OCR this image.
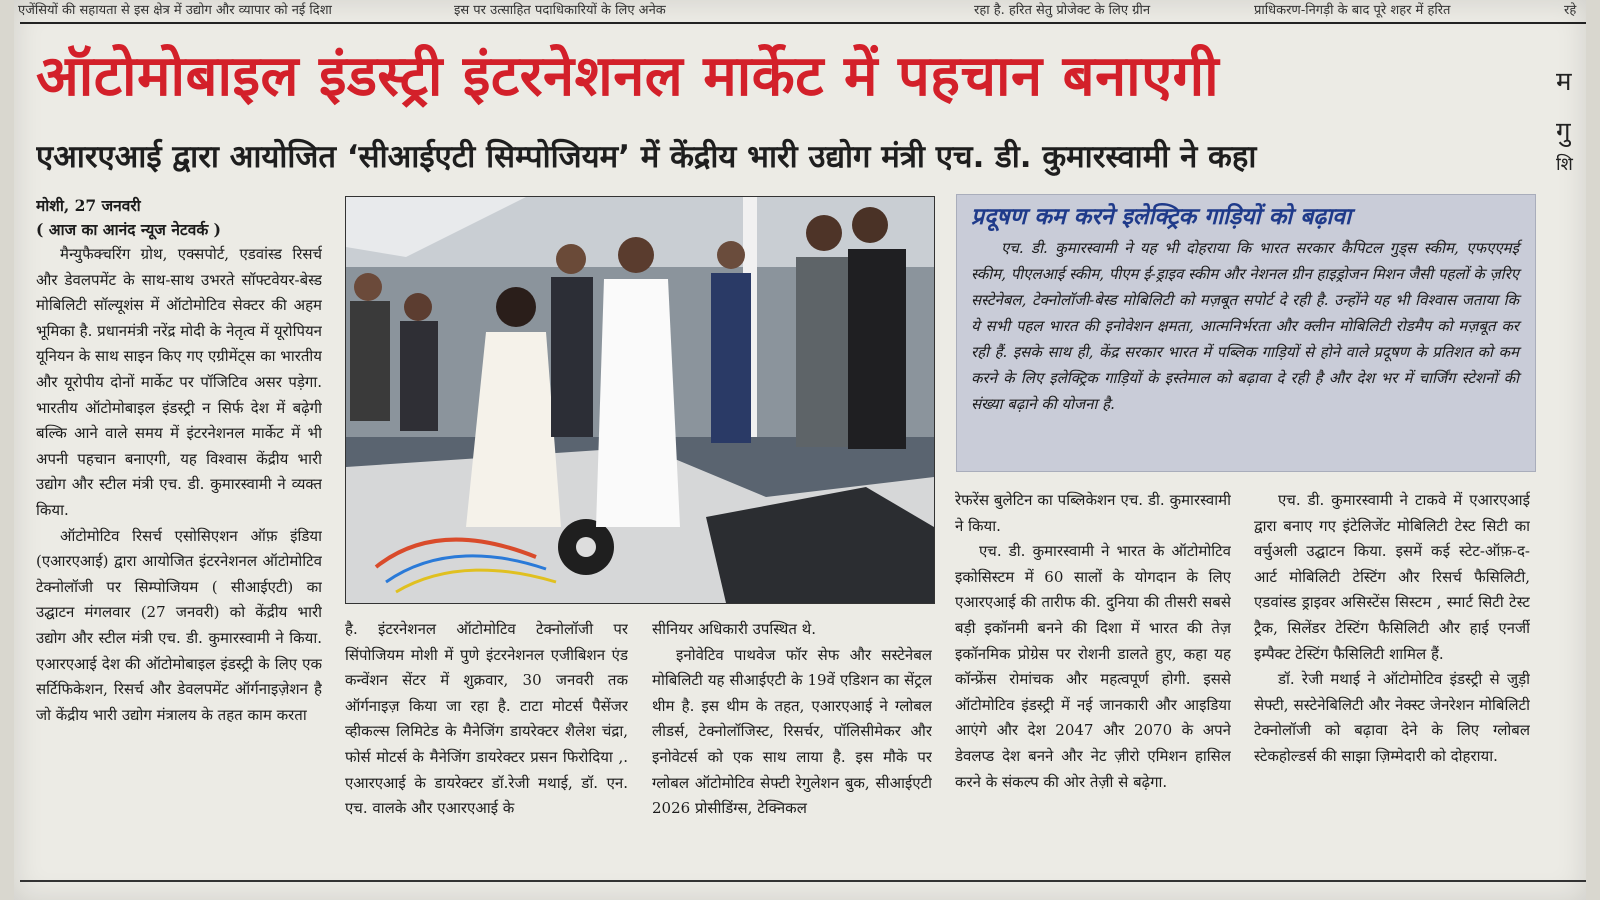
एजेंसियों की सहायता से इस क्षेत्र में उद्योग और व्यापार को नई दिशा	इस पर उत्साहित पदाधिकारियों के लिए अनेक	रहा है. हरित सेतु प्रोजेक्ट के लिए ग्रीन	प्राधिकरण-निगड़ी के बाद पूरे शहर में हरित	रहे
ऑटोमोबाइल इंडस्ट्री इंटरनेशनल मार्केट में पहचान बनाएगी
एआरएआई द्वारा आयोजित ‘सीआईएटी सिम्पोजियम’ में केंद्रीय भारी उद्योग मंत्री एच. डी. कुमारस्वामी ने कहा
म
गु
शि

मोशी, 27 जनवरी

( आज का आनंद न्यूज नेटवर्क )

मैन्युफैक्चरिंग ग्रोथ, एक्सपोर्ट, एडवांस्ड रिसर्च और डेवलपमेंट के साथ-साथ उभरते सॉफ्टवेयर-बेस्ड मोबिलिटी सॉल्यूशंस में ऑटोमोटिव सेक्टर की अहम भूमिका है. प्रधानमंत्री नरेंद्र मोदी के नेतृत्व में यूरोपियन यूनियन के साथ साइन किए गए एग्रीमेंट्स का भारतीय और यूरोपीय दोनों मार्केट पर पॉजिटिव असर पड़ेगा. भारतीय ऑटोमोबाइल इंडस्ट्री न सिर्फ देश में बढ़ेगी बल्कि आने वाले समय में इंटरनेशनल मार्केट में भी अपनी पहचान बनाएगी, यह विश्वास केंद्रीय भारी उद्योग और स्टील मंत्री एच. डी. कुमारस्वामी ने व्यक्त किया.

ऑटोमोटिव रिसर्च एसोसिएशन ऑफ़ इंडिया (एआरएआई) द्वारा आयोजित इंटरनेशनल ऑटोमोटिव टेक्नोलॉजी पर सिम्पोजियम ( सीआईएटी) का उद्घाटन मंगलवार (27 जनवरी) को केंद्रीय भारी उद्योग और स्टील मंत्री एच. डी. कुमारस्वामी ने किया. एआरएआई देश की ऑटोमोबाइल इंडस्ट्री के लिए एक सर्टिफिकेशन, रिसर्च और डेवलपमेंट ऑर्गनाइज़ेशन है जो केंद्रीय भारी उद्योग मंत्रालय के तहत काम करता

है. इंटरनेशनल ऑटोमोटिव टेक्नोलॉजी पर सिंपोजियम मोशी में पुणे इंटरनेशनल एजीबिशन एंड कन्वेंशन सेंटर में शुक्रवार, 30 जनवरी तक ऑर्गनाइज़ किया जा रहा है. टाटा मोटर्स पैसेंजर व्हीकल्स लिमिटेड के मैनेजिंग डायरेक्टर शैलेश चंद्रा, फोर्स मोटर्स के मैनेजिंग डायरेक्टर प्रसन फिरोदिया ,. एआरएआई के डायरेक्टर डॉ.रेजी मथाई, डॉ. एन. एच. वालके और एआरएआई के

सीनियर अधिकारी उपस्थित थे.

इनोवेटिव पाथवेज फॉर सेफ और सस्टेनेबल मोबिलिटी यह सीआईएटी के 19वें एडिशन का सेंट्रल थीम है. इस थीम के तहत, एआरएआई ने ग्लोबल लीडर्स, टेक्नोलॉजिस्ट, रिसर्चर, पॉलिसीमेकर और इनोवेटर्स को एक साथ लाया है. इस मौके पर ग्लोबल ऑटोमोटिव सेफ्टी रेगुलेशन बुक, सीआईएटी 2026 प्रोसीडिंग्स, टेक्निकल

प्रदूषण कम करने इलेक्ट्रिक गाड़ियों को बढ़ावा
एच. डी. कुमारस्वामी ने यह भी दोहराया कि भारत सरकार कैपिटल गुड्स स्कीम, एफएएमई स्कीम, पीएलआई स्कीम, पीएम ई-ड्राइव स्कीम और नेशनल ग्रीन हाइड्रोजन मिशन जैसी पहलों के ज़रिए सस्टेनेबल, टेक्नोलॉजी-बेस्ड मोबिलिटी को मज़बूत सपोर्ट दे रही है. उन्होंने यह भी विश्वास जताया कि ये सभी पहल भारत की इनोवेशन क्षमता, आत्मनिर्भरता और क्लीन मोबिलिटी रोडमैप को मज़बूत कर रही हैं. इसके साथ ही, केंद्र सरकार भारत में पब्लिक गाड़ियों से होने वाले प्रदूषण के प्रतिशत को कम करने के लिए इलेक्ट्रिक गाड़ियों के इस्तेमाल को बढ़ावा दे रही है और देश भर में चार्जिंग स्टेशनों की संख्या बढ़ाने की योजना है.

रेफरेंस बुलेटिन का पब्लिकेशन एच. डी. कुमारस्वामी ने किया.

एच. डी. कुमारस्वामी ने भारत के ऑटोमोटिव इकोसिस्टम में 60 सालों के योगदान के लिए एआरएआई की तारीफ की. दुनिया की तीसरी सबसे बड़ी इकॉनमी बनने की दिशा में भारत की तेज़ इकॉनमिक प्रोग्रेस पर रोशनी डालते हुए, कहा यह कॉन्फ्रेंस रोमांचक और महत्वपूर्ण होगी. इससे ऑटोमोटिव इंडस्ट्री में नई जानकारी और आइडिया आएंगे और देश 2047 और 2070 के अपने डेवलप्ड देश बनने और नेट ज़ीरो एमिशन हासिल करने के संकल्प की ओर तेज़ी से बढ़ेगा.

एच. डी. कुमारस्वामी ने टाकवे में एआरएआई द्वारा बनाए गए इंटेलिजेंट मोबिलिटी टेस्ट सिटी का वर्चुअली उद्घाटन किया. इसमें कई स्टेट-ऑफ़-द-आर्ट मोबिलिटी टेस्टिंग और रिसर्च फैसिलिटी, एडवांस्ड ड्राइवर असिस्टेंस सिस्टम , स्मार्ट सिटी टेस्ट ट्रैक, सिलेंडर टेस्टिंग फैसिलिटी और हाई एनर्जी इम्पैक्ट टेस्टिंग फैसिलिटी शामिल हैं.

डॉ. रेजी मथाई ने ऑटोमोटिव इंडस्ट्री से जुड़ी सेफ्टी, सस्टेनेबिलिटी और नेक्स्ट जेनरेशन मोबिलिटी टेक्नोलॉजी को बढ़ावा देने के लिए ग्लोबल स्टेकहोल्डर्स की साझा ज़िम्मेदारी को दोहराया.
